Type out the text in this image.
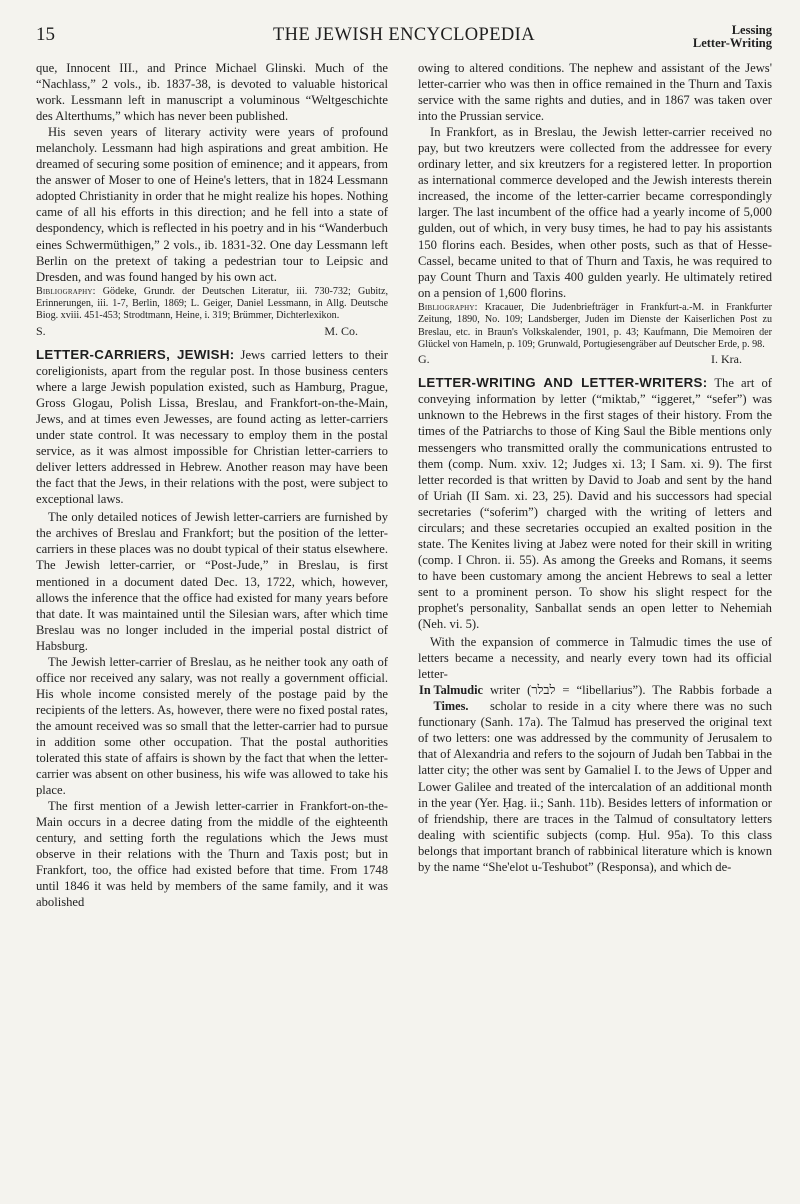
15	THE JEWISH ENCYCLOPEDIA	Lessing
Letter-Writing

que, Innocent III., and Prince Michael Glinski. Much of the “Nachlass,” 2 vols., ib. 1837-38, is devoted to valuable historical work. Lessmann left in manuscript a voluminous “Weltgeschichte des Alterthums,” which has never been published.

His seven years of literary activity were years of profound melancholy. Lessmann had high aspirations and great ambition. He dreamed of securing some position of eminence; and it appears, from the answer of Moser to one of Heine's letters, that in 1824 Lessmann adopted Christianity in order that he might realize his hopes. Nothing came of all his efforts in this direction; and he fell into a state of despondency, which is reflected in his poetry and in his “Wanderbuch eines Schwermüthigen,” 2 vols., ib. 1831-32. One day Lessmann left Berlin on the pretext of taking a pedestrian tour to Leipsic and Dresden, and was found hanged by his own act.

Bibliography: Gödeke, Grundr. der Deutschen Literatur, iii. 730-732; Gubitz, Erinnerungen, iii. 1-7, Berlin, 1869; L. Geiger, Daniel Lessmann, in Allg. Deutsche Biog. xviii. 451-453; Strodtmann, Heine, i. 319; Brümmer, Dichterlexikon.

S.	M. Co.

LETTER-CARRIERS, JEWISH: Jews carried letters to their coreligionists, apart from the regular post. In those business centers where a large Jewish population existed, such as Hamburg, Prague, Gross Glogau, Polish Lissa, Breslau, and Frankfort-on-the-Main, Jews, and at times even Jewesses, are found acting as letter-carriers under state control. It was necessary to employ them in the postal service, as it was almost impossible for Christian letter-carriers to deliver letters addressed in Hebrew. Another reason may have been the fact that the Jews, in their relations with the post, were subject to exceptional laws.

The only detailed notices of Jewish letter-carriers are furnished by the archives of Breslau and Frankfort; but the position of the letter-carriers in these places was no doubt typical of their status elsewhere. The Jewish letter-carrier, or “Post-Jude,” in Breslau, is first mentioned in a document dated Dec. 13, 1722, which, however, allows the inference that the office had existed for many years before that date. It was maintained until the Silesian wars, after which time Breslau was no longer included in the imperial postal district of Habsburg.

The Jewish letter-carrier of Breslau, as he neither took any oath of office nor received any salary, was not really a government official. His whole income consisted merely of the postage paid by the recipients of the letters. As, however, there were no fixed postal rates, the amount received was so small that the letter-carrier had to pursue in addition some other occupation. That the postal authorities tolerated this state of affairs is shown by the fact that when the letter-carrier was absent on other business, his wife was allowed to take his place.

The first mention of a Jewish letter-carrier in Frankfort-on-the-Main occurs in a decree dating from the middle of the eighteenth century, and setting forth the regulations which the Jews must observe in their relations with the Thurn and Taxis post; but in Frankfort, too, the office had existed before that time. From 1748 until 1846 it was held by members of the same family, and it was abolished

owing to altered conditions. The nephew and assistant of the Jews' letter-carrier who was then in office remained in the Thurn and Taxis service with the same rights and duties, and in 1867 was taken over into the Prussian service.

In Frankfort, as in Breslau, the Jewish letter-carrier received no pay, but two kreutzers were collected from the addressee for every ordinary letter, and six kreutzers for a registered letter. In proportion as international commerce developed and the Jewish interests therein increased, the income of the letter-carrier became correspondingly larger. The last incumbent of the office had a yearly income of 5,000 gulden, out of which, in very busy times, he had to pay his assistants 150 florins each. Besides, when other posts, such as that of Hesse-Cassel, became united to that of Thurn and Taxis, he was required to pay Count Thurn and Taxis 400 gulden yearly. He ultimately retired on a pension of 1,600 florins.

Bibliography: Kracauer, Die Judenbriefträger in Frankfurt-a.-M. in Frankfurter Zeitung, 1890, No. 109; Landsberger, Juden im Dienste der Kaiserlichen Post zu Breslau, etc. in Braun's Volkskalender, 1901, p. 43; Kaufmann, Die Memoiren der Glückel von Hameln, p. 109; Grunwald, Portugiesengräber auf Deutscher Erde, p. 98.

G.	I. Kra.

LETTER-WRITING AND LETTER-WRITERS: The art of conveying information by letter (“miktab,” “iggeret,” “sefer”) was unknown to the Hebrews in the first stages of their history. From the times of the Patriarchs to those of King Saul the Bible mentions only messengers who transmitted orally the communications entrusted to them (comp. Num. xxiv. 12; Judges xi. 13; I Sam. xi. 9). The first letter recorded is that written by David to Joab and sent by the hand of Uriah (II Sam. xi. 23, 25). David and his successors had special secretaries (“soferim”) charged with the writing of letters and circulars; and these secretaries occupied an exalted position in the state. The Kenites living at Jabez were noted for their skill in writing (comp. I Chron. ii. 55). As among the Greeks and Romans, it seems to have been customary among the ancient Hebrews to seal a letter sent to a prominent person. To show his slight respect for the prophet's personality, Sanballat sends an open letter to Nehemiah (Neh. vi. 5).

With the expansion of commerce in Talmudic times the use of letters became a necessity, and nearly every town had its official letter-

In Talmudic Times.
writer (לבלר = “libellarius”). The Rabbis forbade a scholar to reside in a city where there was no such functionary (Sanh. 17a). The Talmud has preserved the original text of two letters: one was addressed by the community of Jerusalem to that of Alexandria and refers to the sojourn of Judah ben Tabbai in the latter city; the other was sent by Gamaliel I. to the Jews of Upper and Lower Galilee and treated of the intercalation of an additional month in the year (Yer. Ḥag. ii.; Sanh. 11b). Besides letters of information or of friendship, there are traces in the Talmud of consultatory letters dealing with scientific subjects (comp. Ḥul. 95a). To this class belongs that important branch of rabbinical literature which is known by the name “She'elot u-Teshubot” (Responsa), and which de-
